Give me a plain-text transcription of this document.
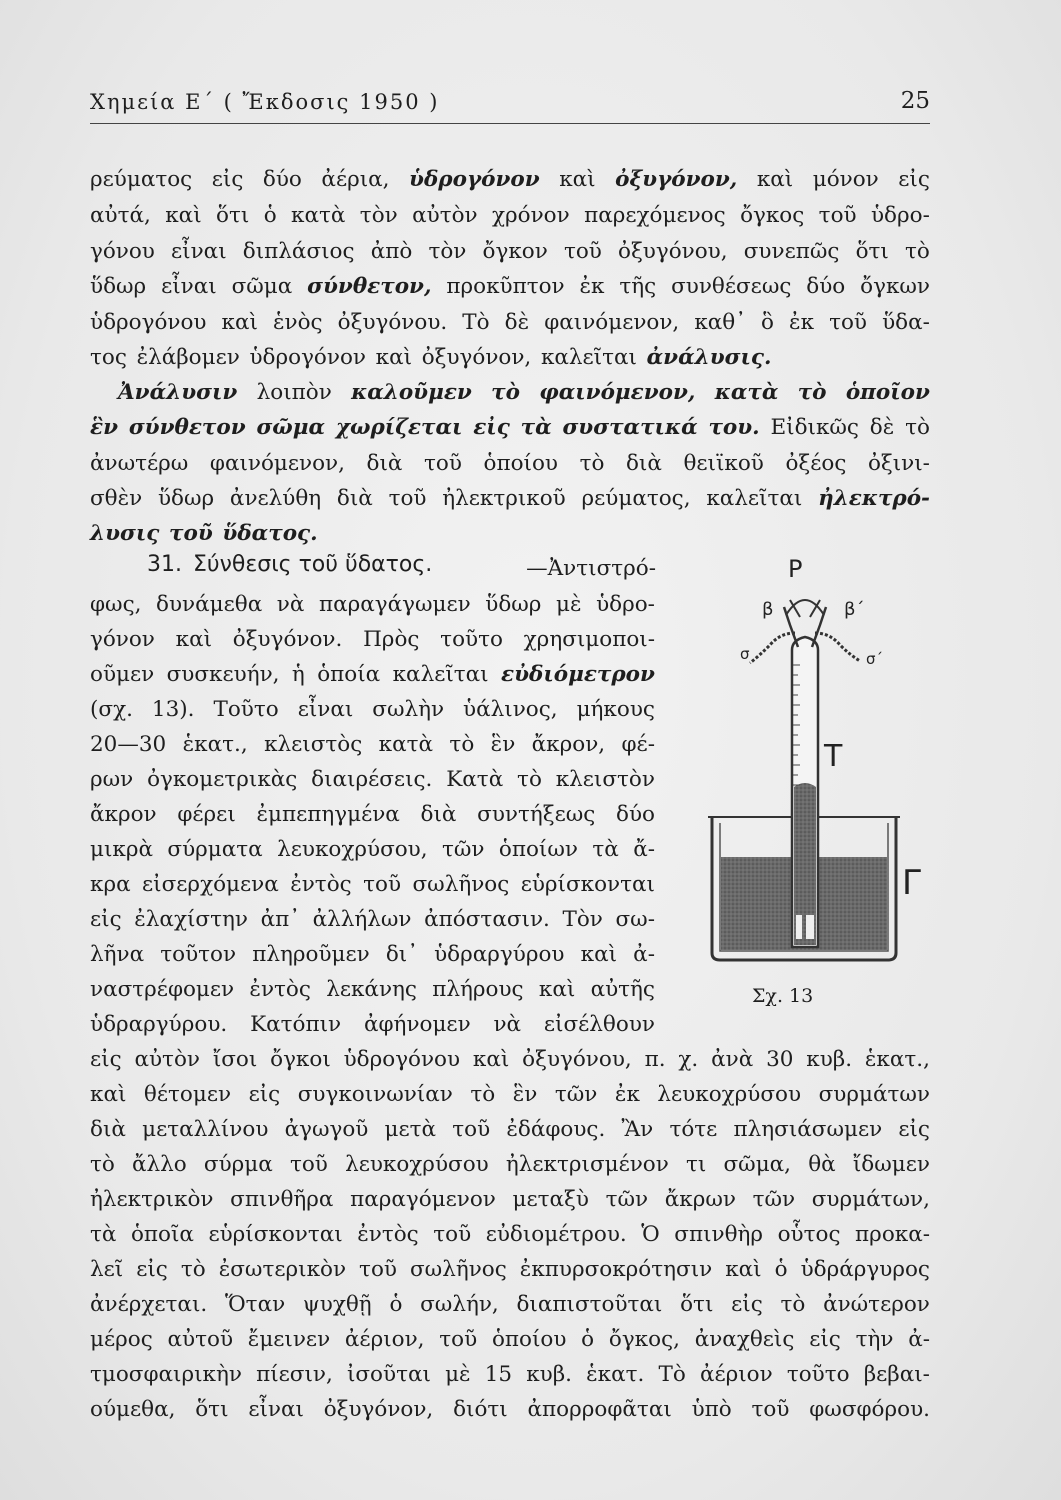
Χημεία Ε΄ ( Ἔκδοσις 1950 )	25
ρεύματος εἰς δύο ἀέρια, ὑδρογόνον καὶ ὀξυγόνον, καὶ μόνον εἰς
αὐτά, καὶ ὅτι ὁ κατὰ τὸν αὐτὸν χρόνον παρεχόμενος ὄγκος τοῦ ὑδρο-
γόνου εἶναι διπλάσιος ἀπὸ τὸν ὄγκον τοῦ ὀξυγόνου, συνεπῶς ὅτι τὸ
ὕδωρ εἶναι σῶμα σύνθετον, προκῦπτον ἐκ τῆς συνθέσεως δύο ὄγκων
ὑδρογόνου καὶ ἑνὸς ὀξυγόνου. Τὸ δὲ φαινόμενον, καθ᾽ ὃ ἐκ τοῦ ὕδα-
τος ἐλάβομεν ὑδρογόνον καὶ ὀξυγόνον, καλεῖται ἀνάλυσις.
Ἀνάλυσιν λοιπὸν καλοῦμεν τὸ φαινόμενον, κατὰ τὸ ὁποῖον
ἓν σύνθετον σῶμα χωρίζεται εἰς τὰ συστατικά του. Εἰδικῶς δὲ τὸ
ἀνωτέρω φαινόμενον, διὰ τοῦ ὁποίου τὸ διὰ θειϊκοῦ ὀξέος ὀξινι-
σθὲν ὕδωρ ἀνελύθη διὰ τοῦ ἠλεκτρικοῦ ρεύματος, καλεῖται ἠλεκτρό-
λυσις τοῦ ὕδατος.
31. Σύνθεσις τοῦ ὕδατος.	—Ἀντιστρό-
φως, δυνάμεθα νὰ παραγάγωμεν ὕδωρ μὲ ὑδρο-
γόνον καὶ ὀξυγόνον. Πρὸς τοῦτο χρησιμοποι-
οῦμεν συσκευήν, ἡ ὁποία καλεῖται εὐδιόμετρον
(σχ. 13). Τοῦτο εἶναι σωλὴν ὑάλινος, μήκους
20—30 ἑκατ., κλειστὸς κατὰ τὸ ἓν ἄκρον, φέ-
ρων ὀγκομετρικὰς διαιρέσεις. Κατὰ τὸ κλειστὸν
ἄκρον φέρει ἐμπεπηγμένα διὰ συντήξεως δύο
μικρὰ σύρματα λευκοχρύσου, τῶν ὁποίων τὰ ἄ-
κρα εἰσερχόμενα ἐντὸς τοῦ σωλῆνος εὑρίσκονται
εἰς ἐλαχίστην ἀπ᾽ ἀλλήλων ἀπόστασιν. Τὸν σω-
λῆνα τοῦτον πληροῦμεν δι᾽ ὑδραργύρου καὶ ἀ-
ναστρέφομεν ἐντὸς λεκάνης πλήρους καὶ αὐτῆς
ὑδραργύρου. Κατόπιν ἀφήνομεν νὰ εἰσέλθουν
εἰς αὐτὸν ἴσοι ὄγκοι ὑδρογόνου καὶ ὀξυγόνου, π. χ. ἀνὰ 30 κυβ. ἑκατ.,
καὶ θέτομεν εἰς συγκοινωνίαν τὸ ἓν τῶν ἐκ λευκοχρύσου συρμάτων
διὰ μεταλλίνου ἀγωγοῦ μετὰ τοῦ ἐδάφους. Ἂν τότε πλησιάσωμεν εἰς
τὸ ἄλλο σύρμα τοῦ λευκοχρύσου ἠλεκτρισμένον τι σῶμα, θὰ ἴδωμεν
ἠλεκτρικὸν σπινθῆρα παραγόμενον μεταξὺ τῶν ἄκρων τῶν συρμάτων,
τὰ ὁποῖα εὑρίσκονται ἐντὸς τοῦ εὐδιομέτρου. Ὁ σπινθὴρ οὗτος προκα-
λεῖ εἰς τὸ ἐσωτερικὸν τοῦ σωλῆνος ἐκπυρσοκρότησιν καὶ ὁ ὑδράργυρος
ἀνέρχεται. Ὅταν ψυχθῇ ὁ σωλήν, διαπιστοῦται ὅτι εἰς τὸ ἀνώτερον
μέρος αὐτοῦ ἔμεινεν ἀέριον, τοῦ ὁποίου ὁ ὄγκος, ἀναχθεὶς εἰς τὴν ἀ-
τμοσφαιρικὴν πίεσιν, ἰσοῦται μὲ 15 κυβ. ἑκατ. Τὸ ἀέριον τοῦτο βεβαι-
ούμεθα, ὅτι εἶναι ὀξυγόνον, διότι ἀπορροφᾶται ὑπὸ τοῦ φωσφόρου.
Ρ
β	β΄
σ	σ΄
Τ
Γ
Σχ. 13
